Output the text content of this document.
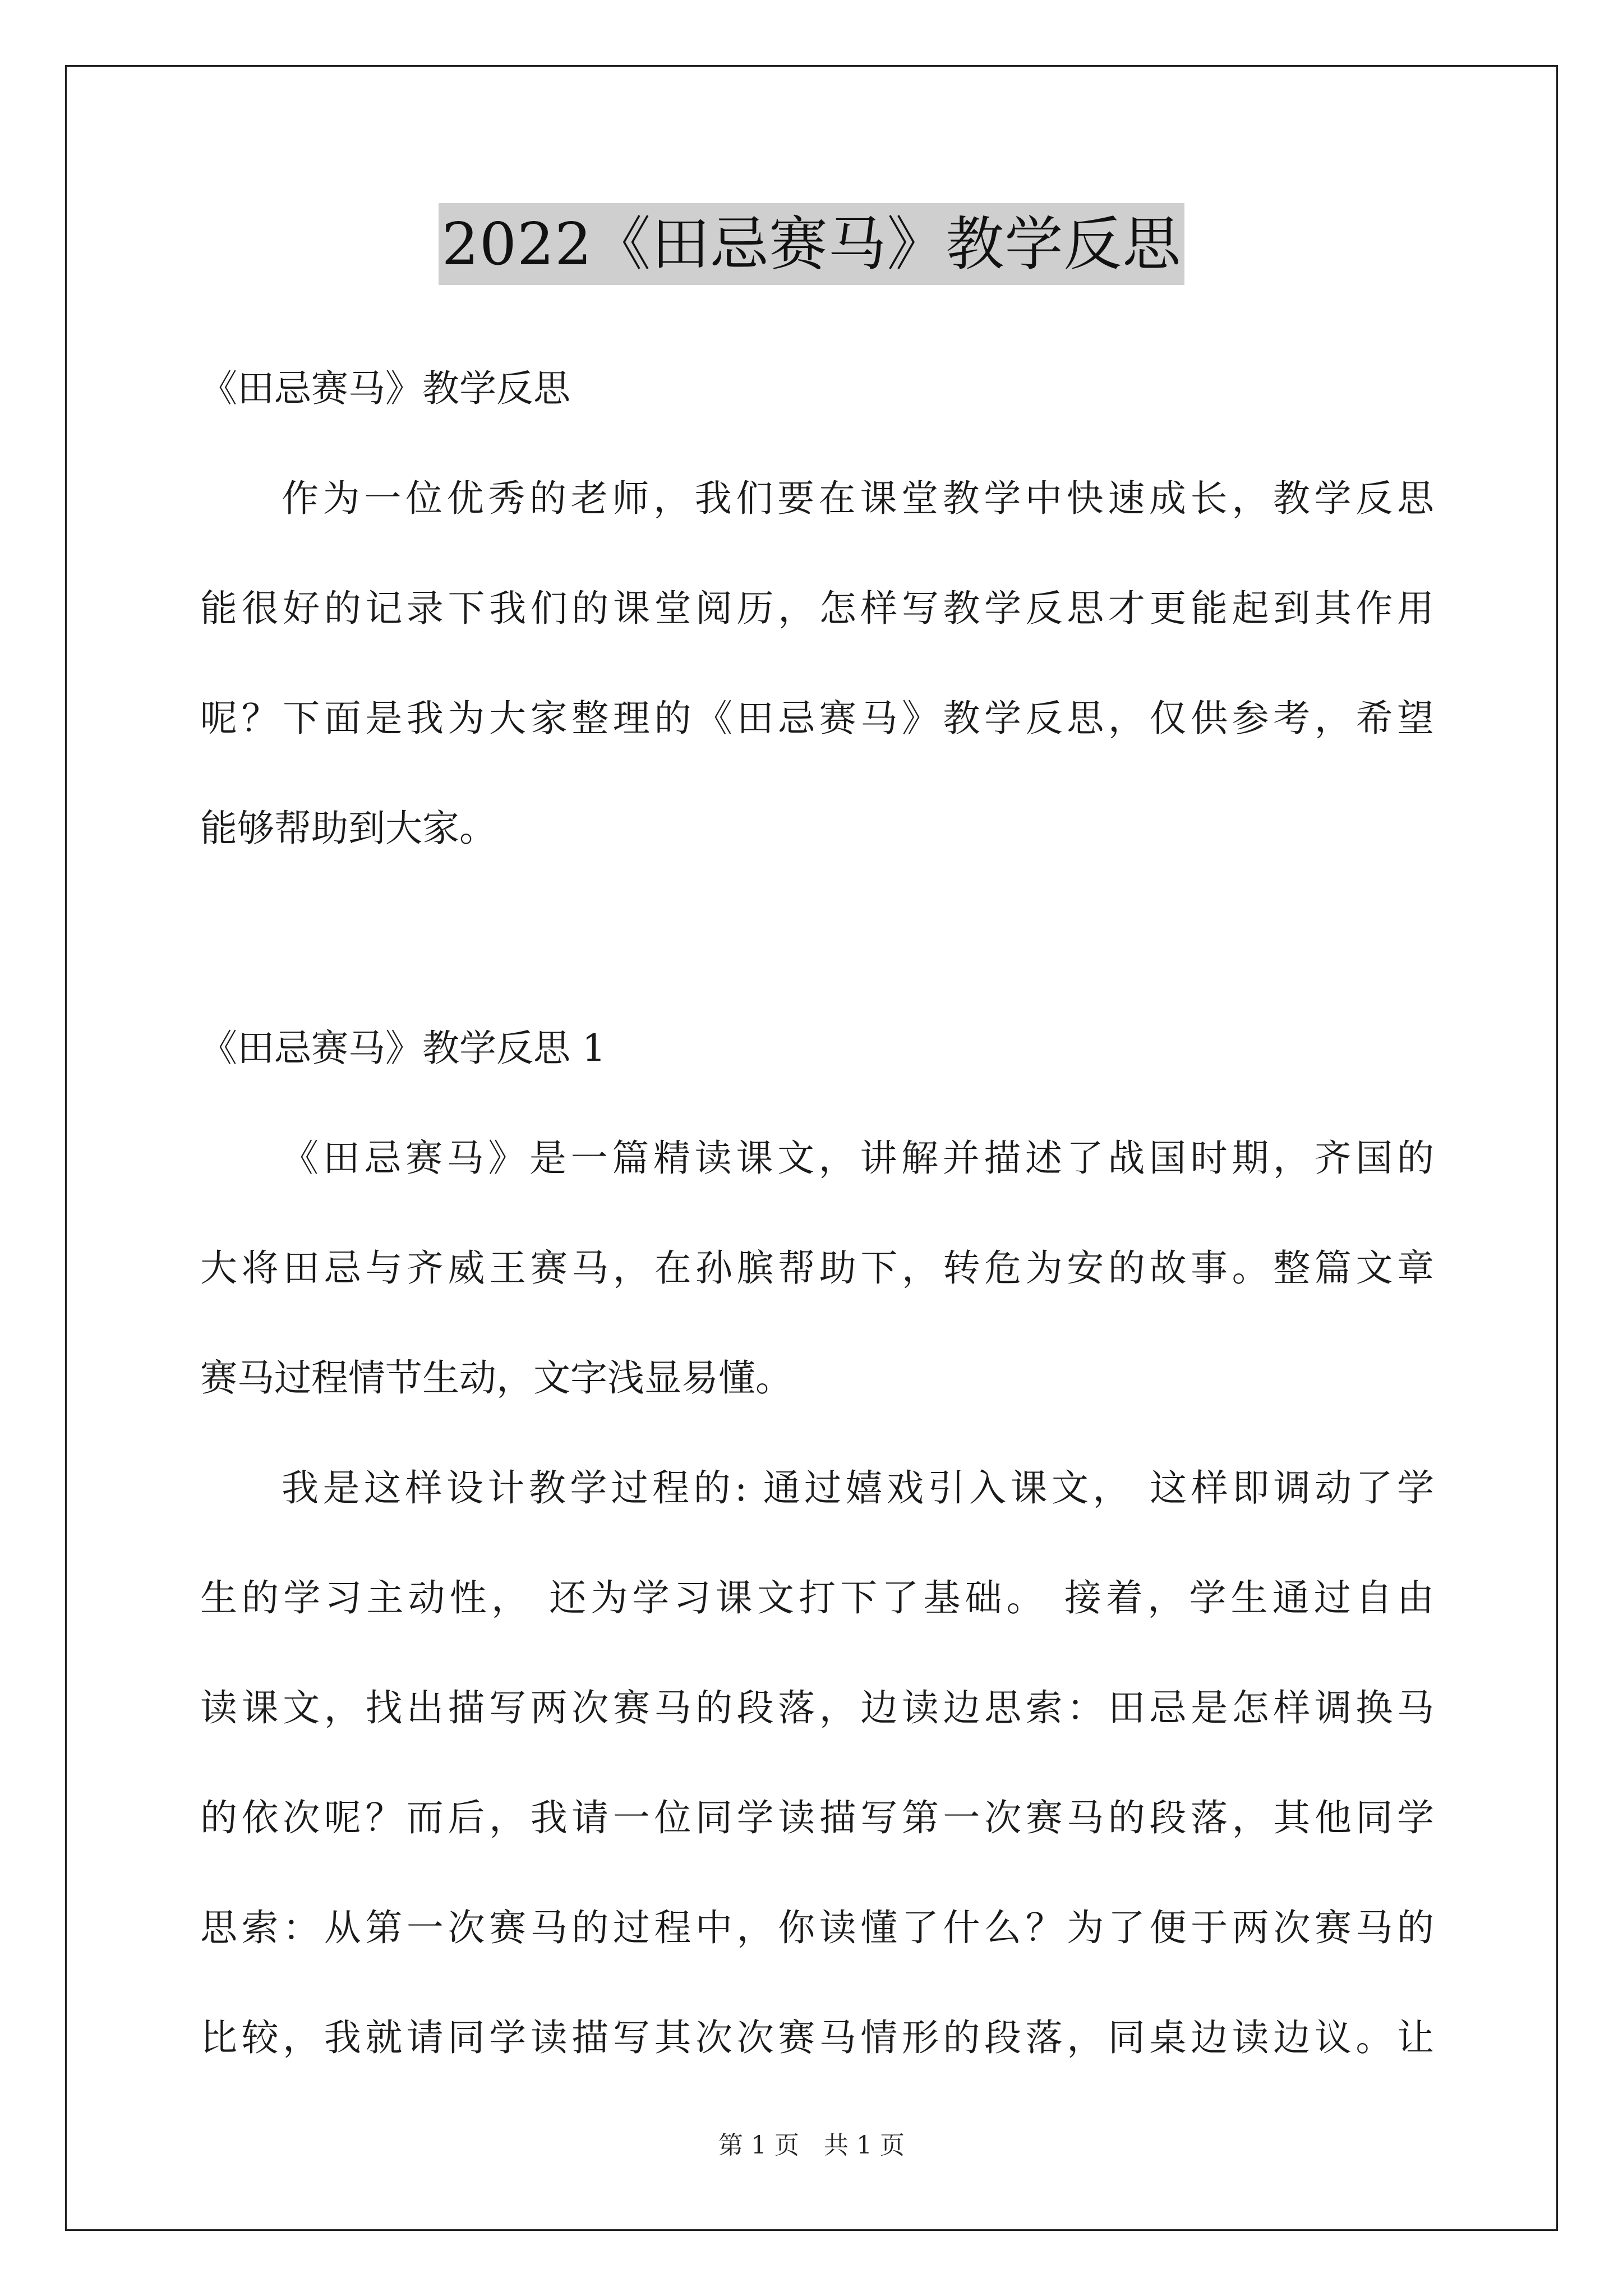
2022《田忌赛马》教学反思
《田忌赛马》教学反思
作为一位优秀的老师，我们要在课堂教学中快速成长，教学反思
能很好的记录下我们的课堂阅历，怎样写教学反思才更能起到其作用
呢？下面是我为大家整理的《田忌赛马》教学反思，仅供参考，希望
能够帮助到大家。
《田忌赛马》教学反思 1
《田忌赛马》是一篇精读课文，讲解并描述了战国时期，齐国的
大将田忌与齐威王赛马，在孙膑帮助下，转危为安的故事。整篇文章
赛马过程情节生动，文字浅显易懂。
我是这样设计教学过程的: 通过嬉戏引入课文， 这样即调动了学
生的学习主动性， 还为学习课文打下了基础。 接着，学生通过自由
读课文，找出描写两次赛马的段落，边读边思索：田忌是怎样调换马
的依次呢？而后，我请一位同学读描写第一次赛马的段落，其他同学
思索：从第一次赛马的过程中，你读懂了什么？为了便于两次赛马的
比较，我就请同学读描写其次次赛马情形的段落，同桌边读边议。让
第 1 页　共 1 页
